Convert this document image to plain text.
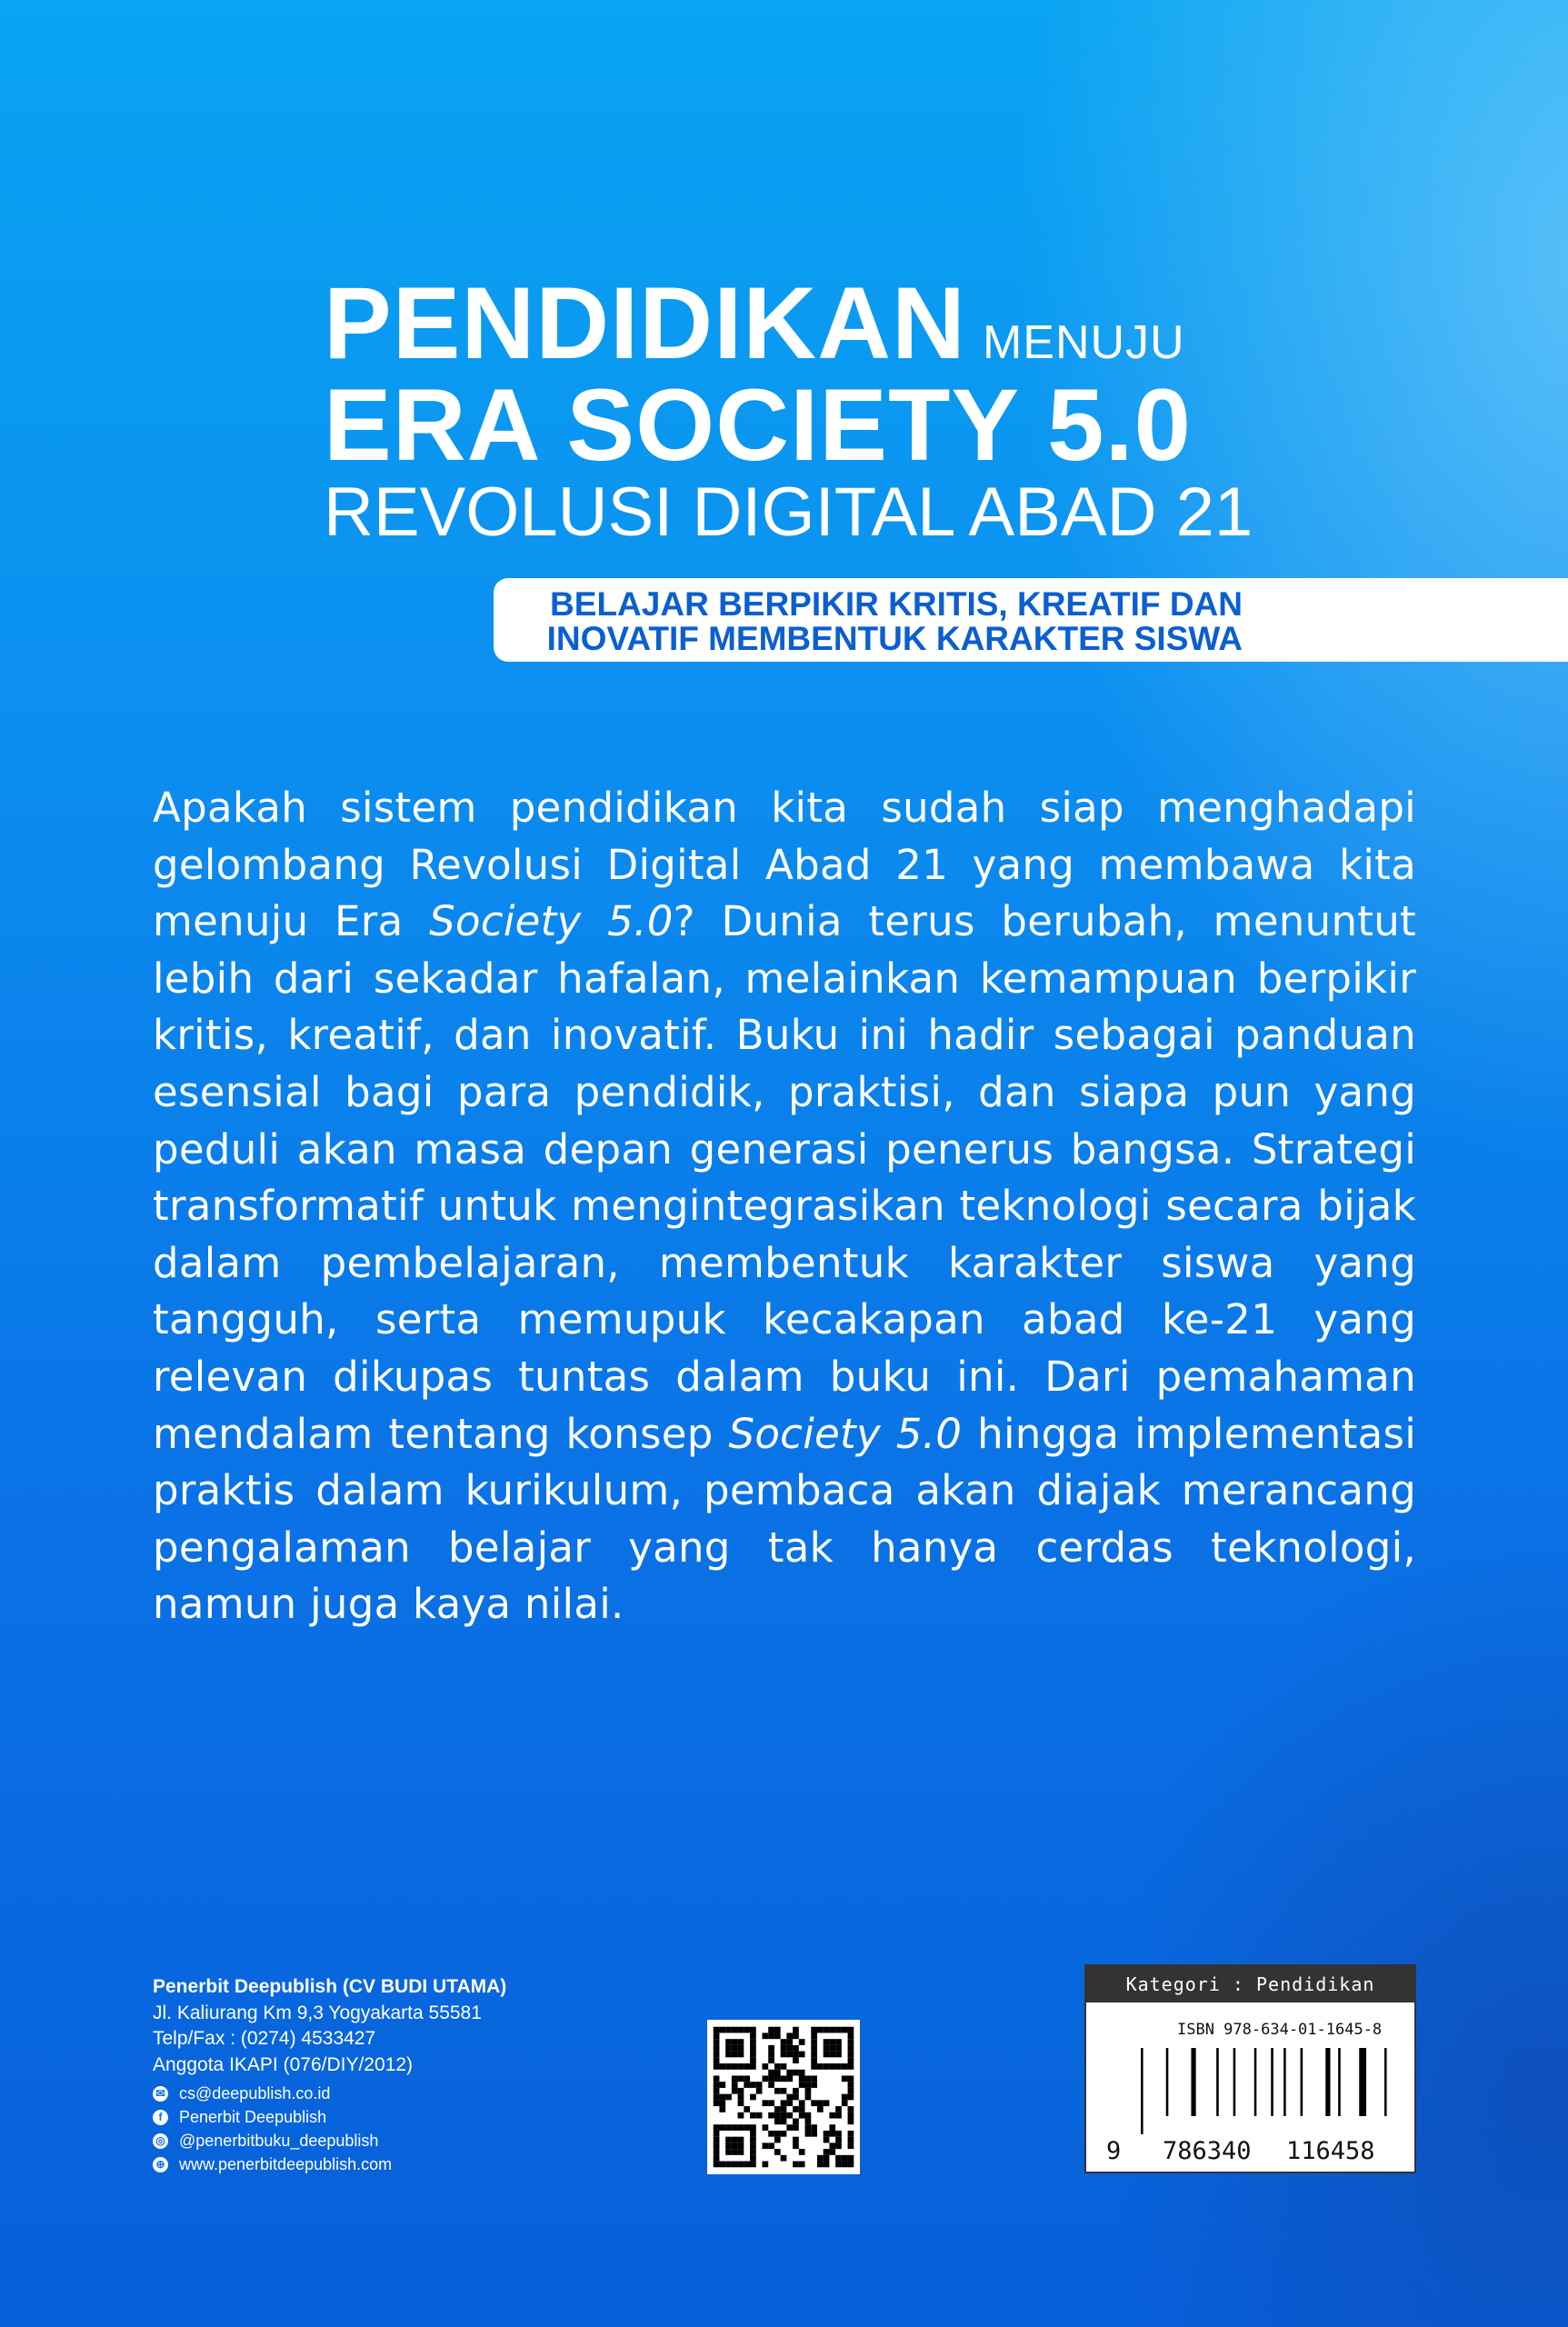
PENDIDIKAN MENUJU
ERA SOCIETY 5.0
REVOLUSI DIGITAL ABAD 21
BELAJAR BERPIKIR KRITIS, KREATIF DAN
INOVATIF MEMBENTUK KARAKTER SISWA
Apakah sistem pendidikan kita sudah siap menghadapi gelombang Revolusi Digital Abad 21 yang membawa kita menuju Era Society 5.0? Dunia terus berubah, menuntut lebih dari sekadar hafalan, melainkan kemampuan berpikir kritis, kreatif, dan inovatif. Buku ini hadir sebagai panduan esensial bagi para pendidik, praktisi, dan siapa pun yang peduli akan masa depan generasi penerus bangsa. Strategi transformatif untuk mengintegrasikan teknologi secara bijak dalam pembelajaran, membentuk karakter siswa yang tangguh, serta memupuk kecakapan abad ke-21 yang relevan dikupas tuntas dalam buku ini. Dari pemahaman mendalam tentang konsep Society 5.0 hingga implementasi praktis dalam kurikulum, pembaca akan diajak merancang pengalaman belajar yang tak hanya cerdas teknologi, namun juga kaya nilai.
Penerbit Deepublish (CV BUDI UTAMA)
Jl. Kaliurang Km 9,3 Yogyakarta 55581
Telp/Fax : (0274) 4533427
Anggota IKAPI (076/DIY/2012)
✉ cs@deepublish.co.id
f	Penerbit Deepublish
◎ @penerbitbuku_deepublish
⊕ www.penerbitdeepublish.com
Kategori : Pendidikan
ISBN 978-634-01-1645-8
9 786340 116458
